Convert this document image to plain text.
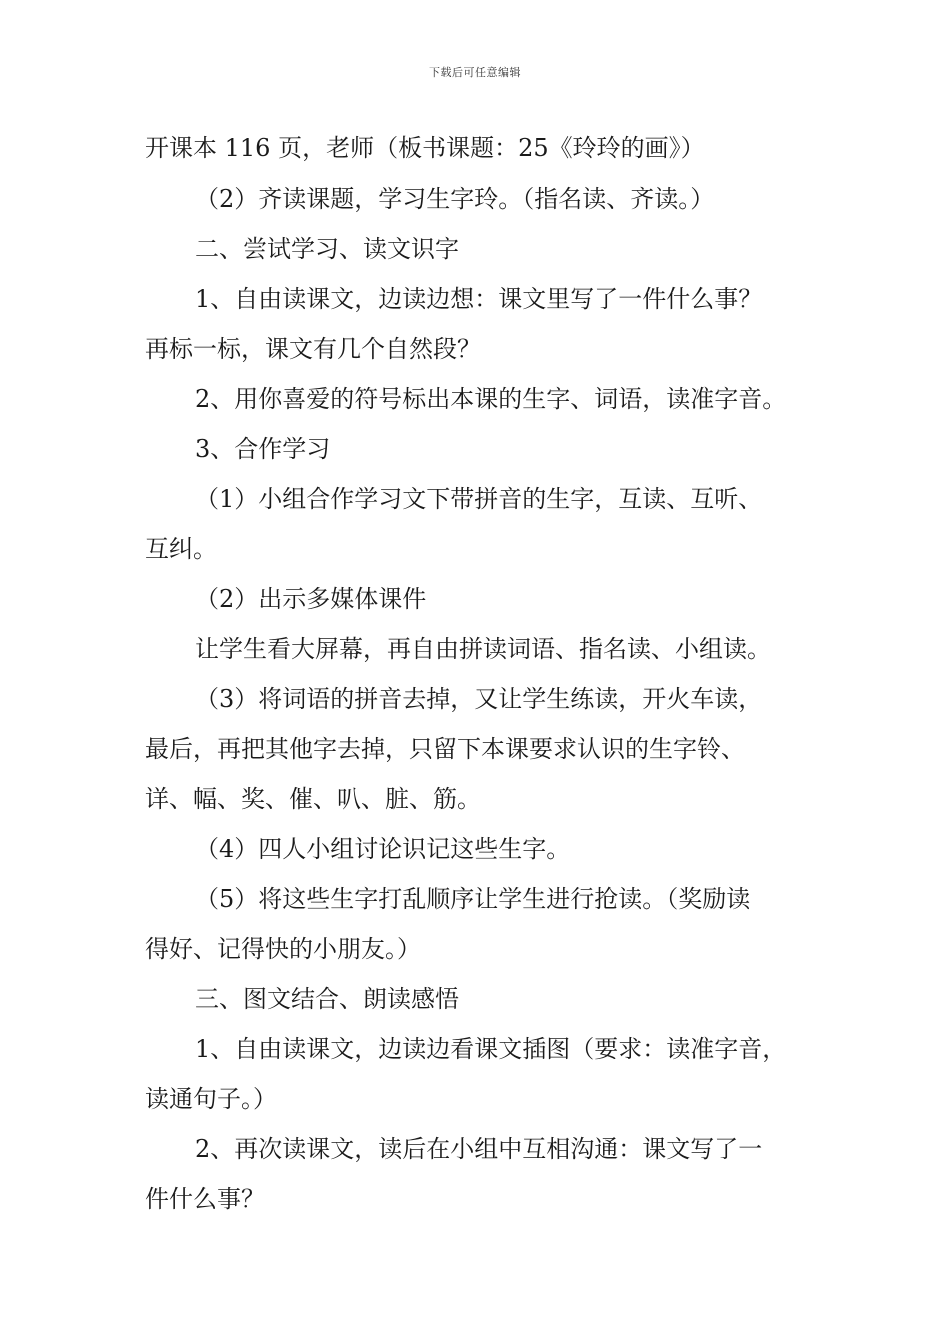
下载后可任意编辑
开课本 116 页，老师（板书课题：25《玲玲的画》）
（2）齐读课题，学习生字玲。（指名读、齐读。）
二、尝试学习、读文识字
1、自由读课文，边读边想：课文里写了一件什么事？
再标一标，课文有几个自然段？
2、用你喜爱的符号标出本课的生字、词语，读准字音。
3、合作学习
（1）小组合作学习文下带拼音的生字，互读、互听、
互纠。
（2）出示多媒体课件
让学生看大屏幕，再自由拼读词语、指名读、小组读。
（3）将词语的拼音去掉，又让学生练读，开火车读，
最后，再把其他字去掉，只留下本课要求认识的生字铃、
详、幅、奖、催、叭、脏、筋。
（4）四人小组讨论识记这些生字。
（5）将这些生字打乱顺序让学生进行抢读。（奖励读
得好、记得快的小朋友。）
三、图文结合、朗读感悟
1、自由读课文，边读边看课文插图（要求：读准字音，
读通句子。）
2、再次读课文，读后在小组中互相沟通：课文写了一
件什么事？
